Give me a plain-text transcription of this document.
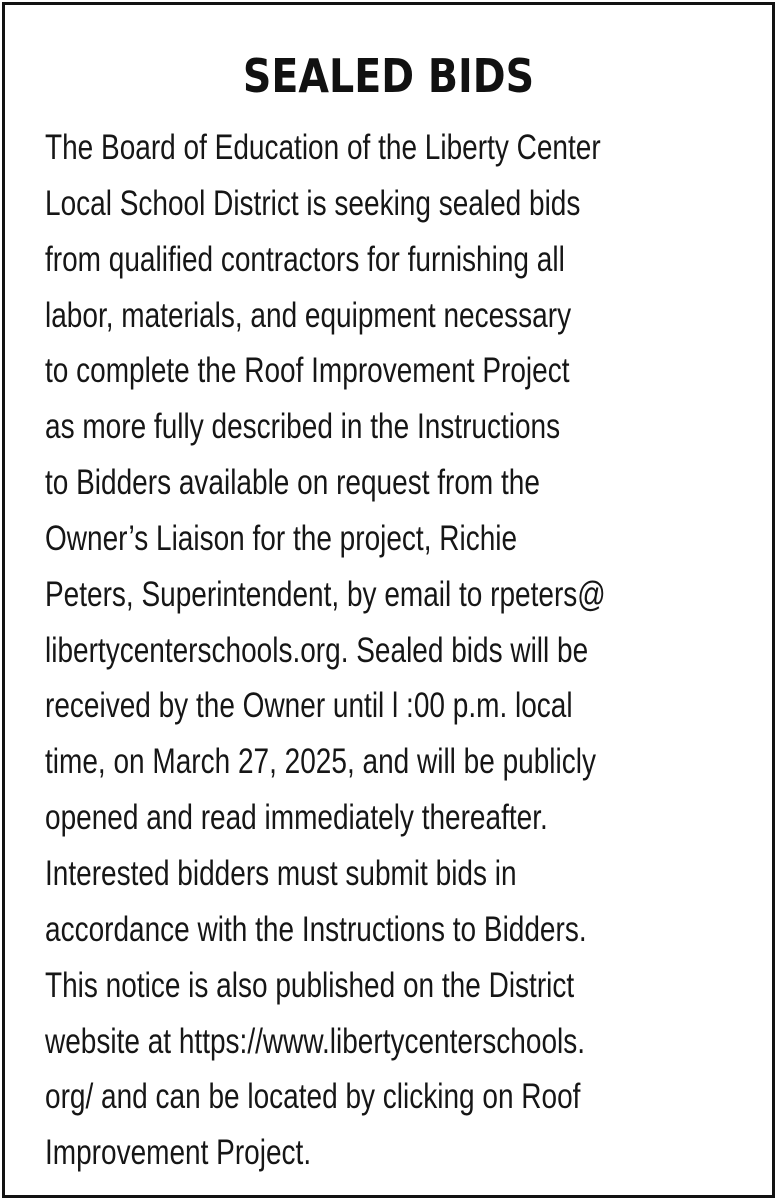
SEALED BIDS
The Board of Education of the Liberty Center
Local School District is seeking sealed bids
from qualified contractors for furnishing all
labor, materials, and equipment necessary
to complete the Roof Improvement Project
as more fully described in the Instructions
to Bidders available on request from the
Owner’s Liaison for the project, Richie
Peters, Superintendent, by email to rpeters@
libertycenterschools.org. Sealed bids will be
received by the Owner until l :00 p.m. local
time, on March 27, 2025, and will be publicly
opened and read immediately thereafter.
Interested bidders must submit bids in
accordance with the Instructions to Bidders.
This notice is also published on the District
website at https://www.libertycenterschools.
org/ and can be located by clicking on Roof
Improvement Project.
